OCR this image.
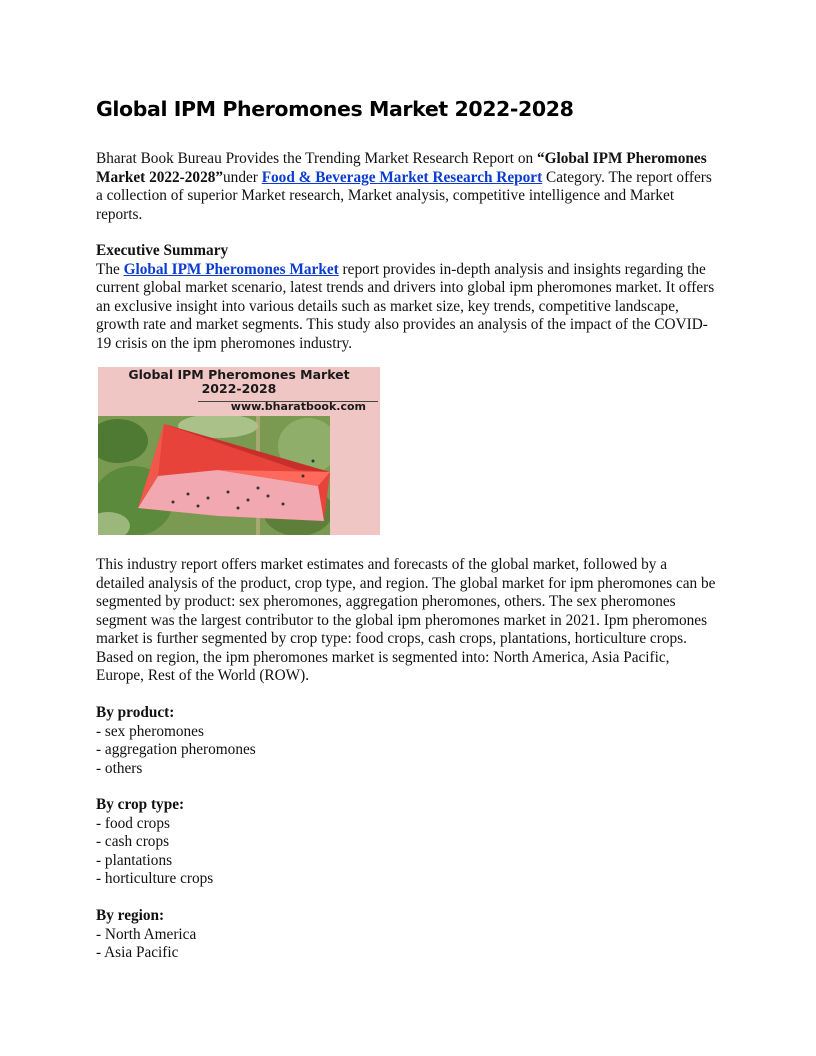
Global IPM Pheromones Market 2022-2028

Bharat Book Bureau Provides the Trending Market Research Report on “Global IPM Pheromones Market 2022-2028”under Food & Beverage Market Research Report Category. The report offers a collection of superior Market research, Market analysis, competitive intelligence and Market reports.

Executive Summary
The Global IPM Pheromones Market report provides in-depth analysis and insights regarding the current global market scenario, latest trends and drivers into global ipm pheromones market. It offers an exclusive insight into various details such as market size, key trends, competitive landscape, growth rate and market segments. This study also provides an analysis of the impact of the COVID-19 crisis on the ipm pheromones industry.

Global IPM Pheromones Market
2022-2028
www.bharatbook.com

This industry report offers market estimates and forecasts of the global market, followed by a detailed analysis of the product, crop type, and region. The global market for ipm pheromones can be segmented by product: sex pheromones, aggregation pheromones, others. The sex pheromones segment was the largest contributor to the global ipm pheromones market in 2021. Ipm pheromones market is further segmented by crop type: food crops, cash crops, plantations, horticulture crops. Based on region, the ipm pheromones market is segmented into: North America, Asia Pacific, Europe, Rest of the World (ROW).

By product:
- sex pheromones
- aggregation pheromones
- others
By crop type:
- food crops
- cash crops
- plantations
- horticulture crops
By region:
- North America
- Asia Pacific
